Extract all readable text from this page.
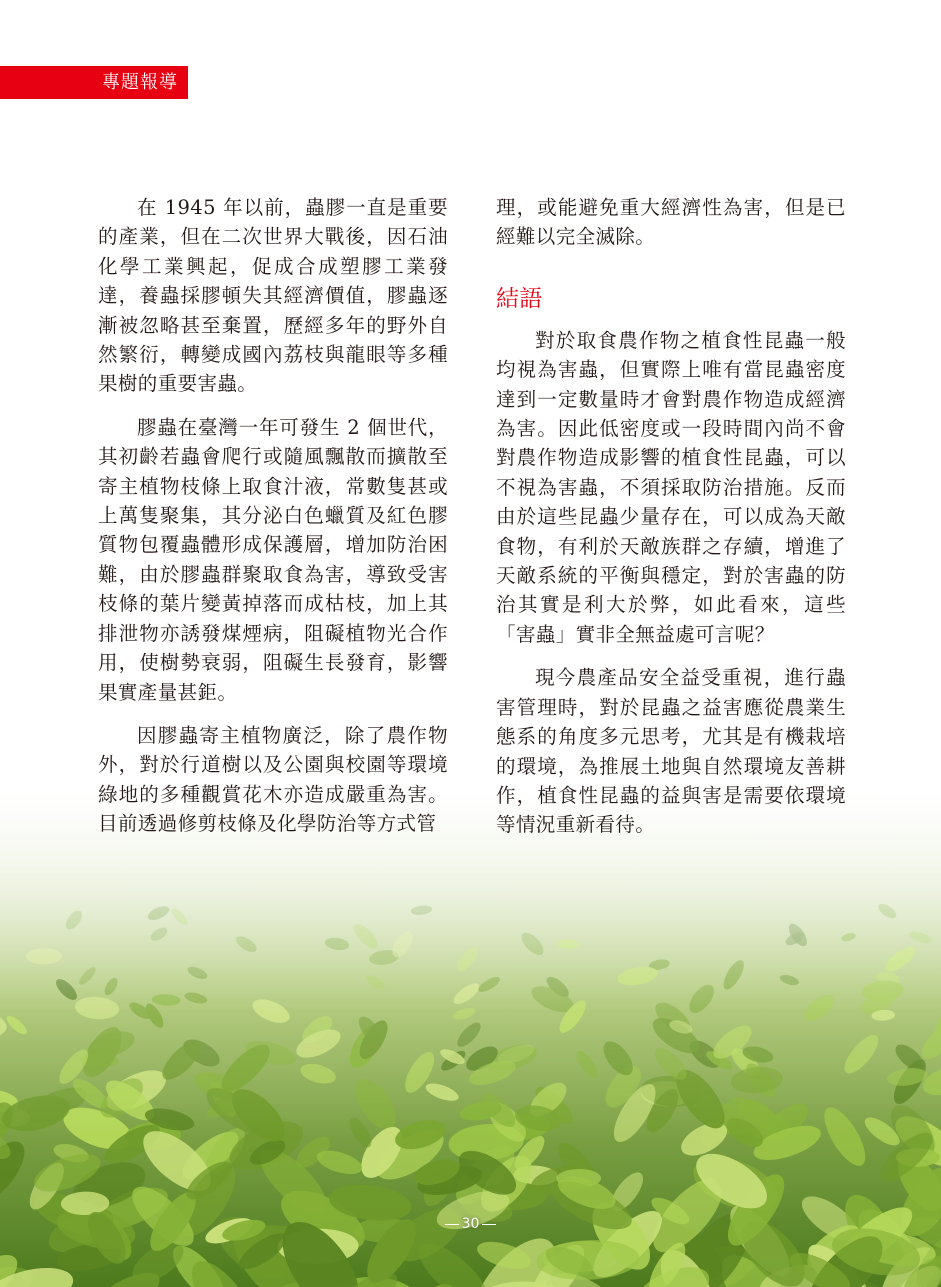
專題報導

在 1945 年以前，蟲膠一直是重要的產業，但在二次世界大戰後，因石油化學工業興起，促成合成塑膠工業發達，養蟲採膠頓失其經濟價值，膠蟲逐漸被忽略甚至棄置，歷經多年的野外自然繁衍，轉變成國內荔枝與龍眼等多種果樹的重要害蟲。

膠蟲在臺灣一年可發生 2 個世代，其初齡若蟲會爬行或隨風飄散而擴散至寄主植物枝條上取食汁液，常數隻甚或上萬隻聚集，其分泌白色蠟質及紅色膠質物包覆蟲體形成保護層，增加防治困難，由於膠蟲群聚取食為害，導致受害枝條的葉片變黃掉落而成枯枝，加上其排泄物亦誘發煤煙病，阻礙植物光合作用，使樹勢衰弱，阻礙生長發育，影響果實產量甚鉅。

因膠蟲寄主植物廣泛，除了農作物外，對於行道樹以及公園與校園等環境綠地的多種觀賞花木亦造成嚴重為害。目前透過修剪枝條及化學防治等方式管

理，或能避免重大經濟性為害，但是已經難以完全滅除。

結語

對於取食農作物之植食性昆蟲一般均視為害蟲，但實際上唯有當昆蟲密度達到一定數量時才會對農作物造成經濟為害。因此低密度或一段時間內尚不會對農作物造成影響的植食性昆蟲，可以不視為害蟲，不須採取防治措施。反而由於這些昆蟲少量存在，可以成為天敵食物，有利於天敵族群之存續，增進了天敵系統的平衡與穩定，對於害蟲的防治其實是利大於弊，如此看來，這些「害蟲」實非全無益處可言呢？

現今農產品安全益受重視，進行蟲害管理時，對於昆蟲之益害應從農業生態系的角度多元思考，尤其是有機栽培的環境，為推展土地與自然環境友善耕作，植食性昆蟲的益與害是需要依環境等情況重新看待。

30
